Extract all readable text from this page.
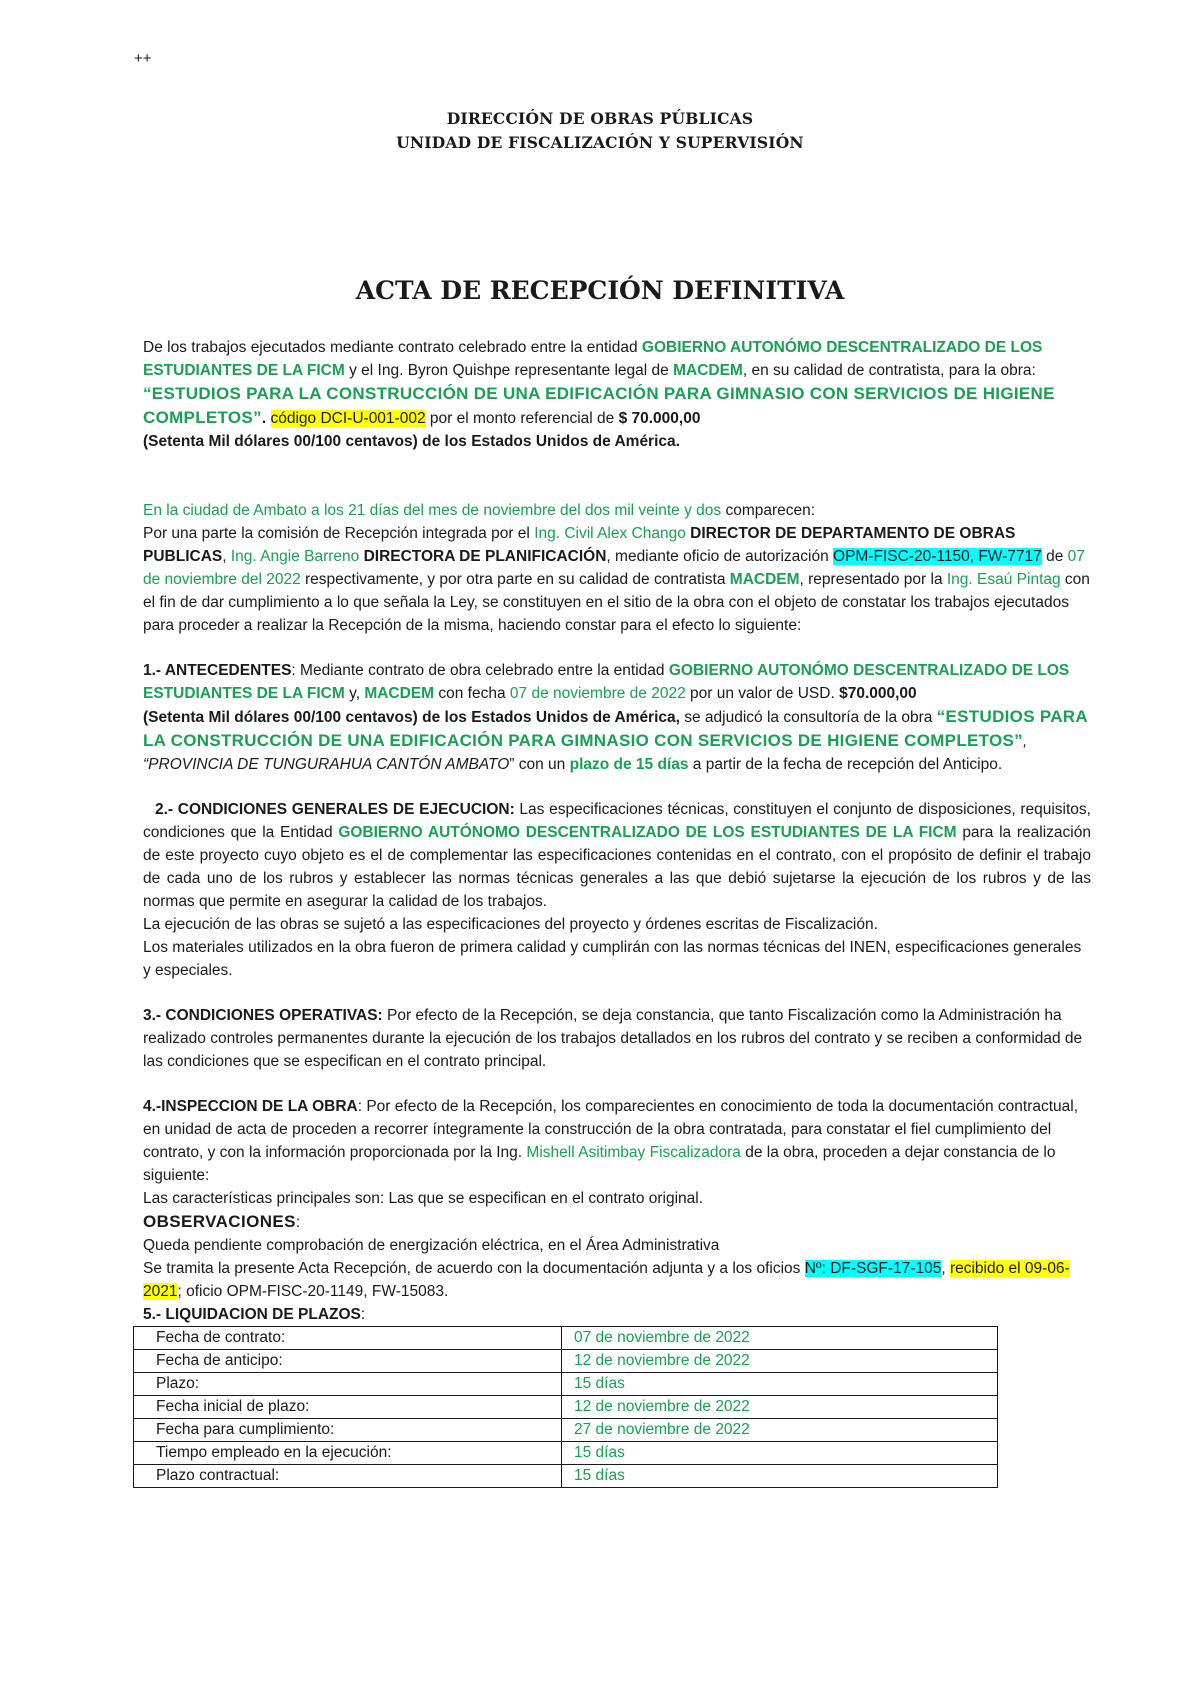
++
DIRECCIÓN DE OBRAS PÚBLICAS
UNIDAD DE FISCALIZACIÓN Y SUPERVISIÓN
ACTA DE RECEPCIÓN DEFINITIVA

De los trabajos ejecutados mediante contrato celebrado entre la entidad GOBIERNO AUTONÓMO DESCENTRALIZADO DE LOS ESTUDIANTES DE LA FICM y el Ing. Byron Quishpe representante legal de MACDEM, en su calidad de contratista, para la obra: “ESTUDIOS PARA LA CONSTRUCCIÓN DE UNA EDIFICACIÓN PARA GIMNASIO CON SERVICIOS DE HIGIENE COMPLETOS”. código DCI-U-001-002 por el monto referencial de $ 70.000,00
(Setenta Mil dólares 00/100 centavos) de los Estados Unidos de América.

En la ciudad de Ambato a los 21 días del mes de noviembre del dos mil veinte y dos comparecen:
Por una parte la comisión de Recepción integrada por el Ing. Civil Alex Chango DIRECTOR DE DEPARTAMENTO DE OBRAS PUBLICAS, Ing. Angie Barreno DIRECTORA DE PLANIFICACIÓN, mediante oficio de autorización OPM-FISC-20-1150, FW-7717 de 07 de noviembre del 2022 respectivamente, y por otra parte en su calidad de contratista MACDEM, representado por la Ing. Esaú Pintag con el fin de dar cumplimiento a lo que señala la Ley, se constituyen en el sitio de la obra con el objeto de constatar los trabajos ejecutados para proceder a realizar la Recepción de la misma, haciendo constar para el efecto lo siguiente:

1.- ANTECEDENTES: Mediante contrato de obra celebrado entre la entidad GOBIERNO AUTONÓMO DESCENTRALIZADO DE LOS ESTUDIANTES DE LA FICM y, MACDEM con fecha 07 de noviembre de 2022 por un valor de USD. $70.000,00
(Setenta Mil dólares 00/100 centavos) de los Estados Unidos de América, se adjudicó la consultoría de la obra “ESTUDIOS PARA LA CONSTRUCCIÓN DE UNA EDIFICACIÓN PARA GIMNASIO CON SERVICIOS DE HIGIENE COMPLETOS”, “PROVINCIA DE TUNGURAHUA CANTÓN AMBATO” con un plazo de 15 días a partir de la fecha de recepción del Anticipo.

2.- CONDICIONES GENERALES DE EJECUCION: Las especificaciones técnicas, constituyen el conjunto de disposiciones, requisitos, condiciones que la Entidad GOBIERNO AUTÓNOMO DESCENTRALIZADO DE LOS ESTUDIANTES DE LA FICM para la realización de este proyecto cuyo objeto es el de complementar las especificaciones contenidas en el contrato, con el propósito de definir el trabajo de cada uno de los rubros y establecer las normas técnicas generales a las que debió sujetarse la ejecución de los rubros y de las normas que permite en asegurar la calidad de los trabajos.

La ejecución de las obras se sujetó a las especificaciones del proyecto y órdenes escritas de Fiscalización.

Los materiales utilizados en la obra fueron de primera calidad y cumplirán con las normas técnicas del INEN, especificaciones generales y especiales.

3.- CONDICIONES OPERATIVAS: Por efecto de la Recepción, se deja constancia, que tanto Fiscalización como la Administración ha realizado controles permanentes durante la ejecución de los trabajos detallados en los rubros del contrato y se reciben a conformidad de las condiciones que se especifican en el contrato principal.

4.-INSPECCION DE LA OBRA: Por efecto de la Recepción, los comparecientes en conocimiento de toda la documentación contractual, en unidad de acta de proceden a recorrer íntegramente la construcción de la obra contratada, para constatar el fiel cumplimiento del contrato, y con la información proporcionada por la Ing. Mishell Asitimbay Fiscalizadora de la obra, proceden a dejar constancia de lo siguiente:

Las características principales son: Las que se especifican en el contrato original.

OBSERVACIONES:

Queda pendiente comprobación de energización eléctrica, en el Área Administrativa

Se tramita la presente Acta Recepción, de acuerdo con la documentación adjunta y a los oficios Nº: DF-SGF-17-105, recibido el 09-06-2021; oficio OPM-FISC-20-1149, FW-15083.

5.- LIQUIDACION DE PLAZOS:

Fecha de contrato:	07 de noviembre de 2022
Fecha de anticipo:	12 de noviembre de 2022
Plazo:	15 días
Fecha inicial de plazo:	12 de noviembre de 2022
Fecha para cumplimiento:	27 de noviembre de 2022
Tiempo empleado en la ejecución:	15 días
Plazo contractual:	15 días
